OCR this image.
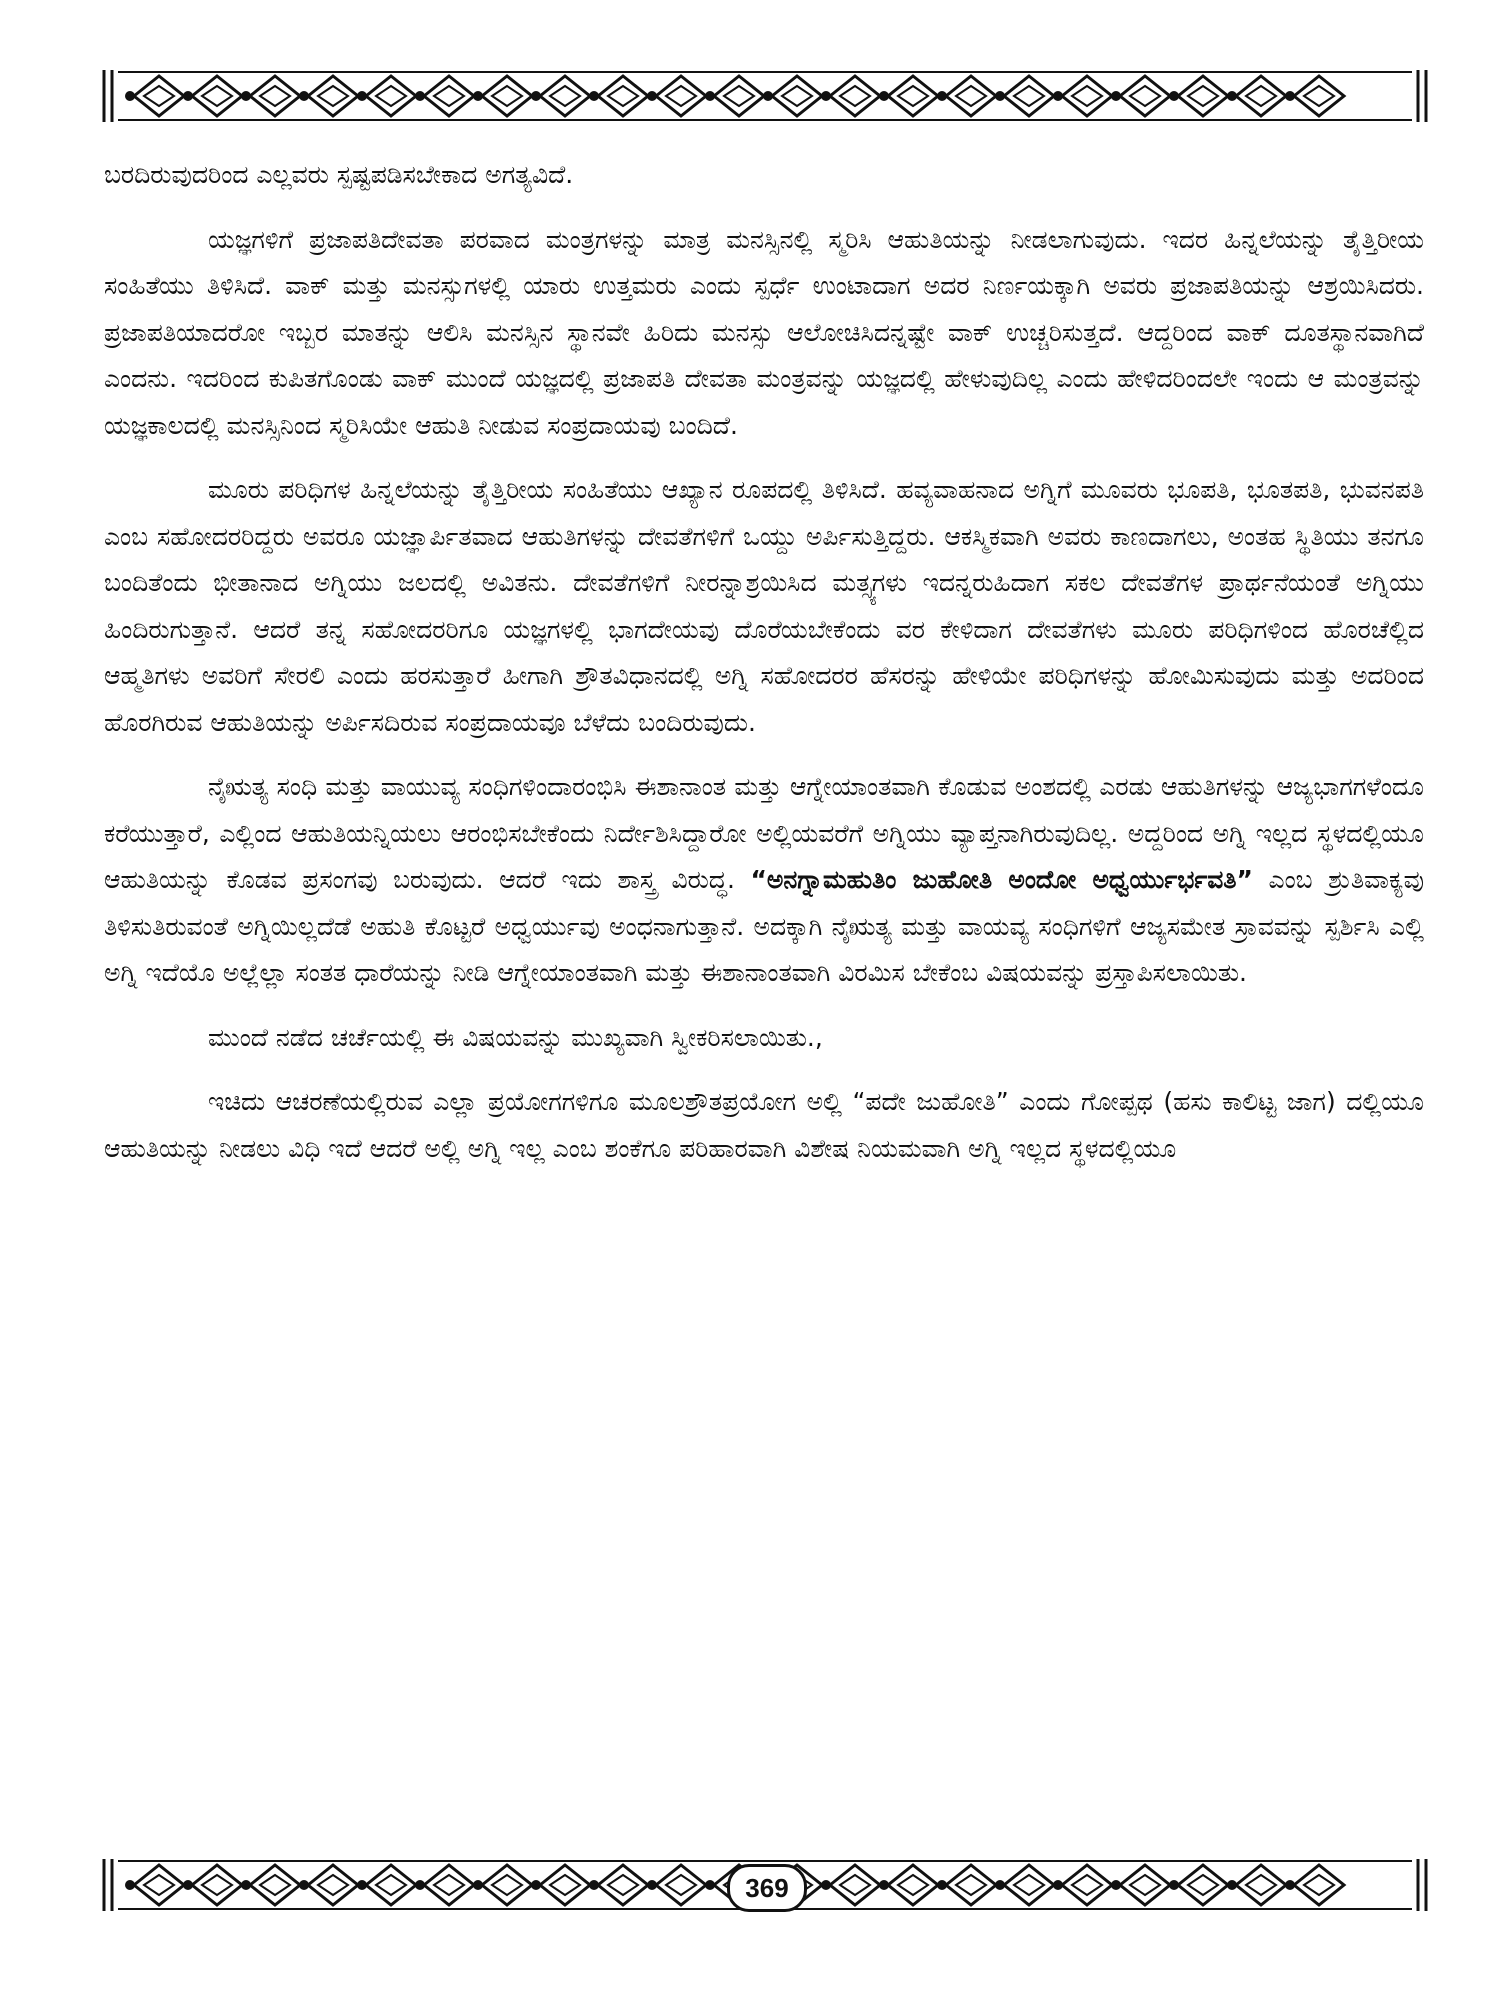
ಬರದಿರುವುದರಿಂದ ಎಲ್ಲವರು ಸ್ಪಷ್ಟಪಡಿಸಬೇಕಾದ ಅಗತ್ಯವಿದೆ.

ಯಜ್ಞಗಳಿಗೆ ಪ್ರಜಾಪತಿದೇವತಾ ಪರವಾದ ಮಂತ್ರಗಳನ್ನು ಮಾತ್ರ ಮನಸ್ಸಿನಲ್ಲಿ ಸ್ಮರಿಸಿ ಆಹುತಿಯನ್ನು ನೀಡಲಾಗುವುದು. ಇದರ ಹಿನ್ನಲೆಯನ್ನು ತೈತ್ತಿರೀಯ ಸಂಹಿತೆಯು ತಿಳಿಸಿದೆ. ವಾಕ್ ಮತ್ತು ಮನಸ್ಸುಗಳಲ್ಲಿ ಯಾರು ಉತ್ತಮರು ಎಂದು ಸ್ಪರ್ಧೆ ಉಂಟಾದಾಗ ಅದರ ನಿರ್ಣಯಕ್ಕಾಗಿ ಅವರು ಪ್ರಜಾಪತಿಯನ್ನು ಆಶ್ರಯಿಸಿದರು. ಪ್ರಜಾಪತಿಯಾದರೋ ಇಬ್ಬರ ಮಾತನ್ನು ಆಲಿಸಿ ಮನಸ್ಸಿನ ಸ್ಥಾನವೇ ಹಿರಿದು ಮನಸ್ಸು ಆಲೋಚಿಸಿದನ್ನಷ್ಟೇ ವಾಕ್ ಉಚ್ಚರಿಸುತ್ತದೆ. ಆದ್ದರಿಂದ ವಾಕ್ ದೂತಸ್ಥಾನವಾಗಿದೆ ಎಂದನು. ಇದರಿಂದ ಕುಪಿತಗೊಂಡು ವಾಕ್ ಮುಂದೆ ಯಜ್ಞದಲ್ಲಿ ಪ್ರಜಾಪತಿ ದೇವತಾ ಮಂತ್ರವನ್ನು ಯಜ್ಞದಲ್ಲಿ ಹೇಳುವುದಿಲ್ಲ ಎಂದು ಹೇಳಿದರಿಂದಲೇ ಇಂದು ಆ ಮಂತ್ರವನ್ನು ಯಜ್ಞಕಾಲದಲ್ಲಿ ಮನಸ್ಸಿನಿಂದ ಸ್ಮರಿಸಿಯೇ ಆಹುತಿ ನೀಡುವ ಸಂಪ್ರದಾಯವು ಬಂದಿದೆ.

ಮೂರು ಪರಿಧಿಗಳ ಹಿನ್ನಲೆಯನ್ನು ತೈತ್ತಿರೀಯ ಸಂಹಿತೆಯು ಆಖ್ಯಾನ ರೂಪದಲ್ಲಿ ತಿಳಿಸಿದೆ. ಹವ್ಯವಾಹನಾದ ಅಗ್ನಿಗೆ ಮೂವರು ಭೂಪತಿ, ಭೂತಪತಿ, ಭುವನಪತಿ ಎಂಬ ಸಹೋದರರಿದ್ದರು ಅವರೂ ಯಜ್ಞಾರ್ಪಿತವಾದ ಆಹುತಿಗಳನ್ನು ದೇವತೆಗಳಿಗೆ ಒಯ್ದು ಅರ್ಪಿಸುತ್ತಿದ್ದರು. ಆಕಸ್ಮಿಕವಾಗಿ ಅವರು ಕಾಣದಾಗಲು, ಅಂತಹ ಸ್ಥಿತಿಯು ತನಗೂ ಬಂದಿತೆಂದು ಭೀತಾನಾದ ಅಗ್ನಿಯು ಜಲದಲ್ಲಿ ಅವಿತನು. ದೇವತೆಗಳಿಗೆ ನೀರನ್ನಾಶ್ರಯಿಸಿದ ಮತ್ಸ್ಯಗಳು ಇದನ್ನರುಹಿದಾಗ ಸಕಲ ದೇವತೆಗಳ ಪ್ರಾರ್ಥನೆಯಂತೆ ಅಗ್ನಿಯು ಹಿಂದಿರುಗುತ್ತಾನೆ. ಆದರೆ ತನ್ನ ಸಹೋದರರಿಗೂ ಯಜ್ಞಗಳಲ್ಲಿ ಭಾಗದೇಯವು ದೊರೆಯಬೇಕೆಂದು ವರ ಕೇಳಿದಾಗ ದೇವತೆಗಳು ಮೂರು ಪರಿಧಿಗಳಿಂದ ಹೊರಚೆಲ್ಲಿದ ಆಹ್ಮತಿಗಳು ಅವರಿಗೆ ಸೇರಲಿ ಎಂದು ಹರಸುತ್ತಾರೆ ಹೀಗಾಗಿ ಶ್ರೌತವಿಧಾನದಲ್ಲಿ ಅಗ್ನಿ ಸಹೋದರರ ಹೆಸರನ್ನು ಹೇಳಿಯೇ ಪರಿಧಿಗಳನ್ನು ಹೋಮಿಸುವುದು ಮತ್ತು ಅದರಿಂದ ಹೊರಗಿರುವ ಆಹುತಿಯನ್ನು ಅರ್ಪಿಸದಿರುವ ಸಂಪ್ರದಾಯವೂ ಬೆಳೆದು ಬಂದಿರುವುದು.

ನೈಋತ್ಯ ಸಂಧಿ ಮತ್ತು ವಾಯುವ್ಯ ಸಂಧಿಗಳಿಂದಾರಂಭಿಸಿ ಈಶಾನಾಂತ ಮತ್ತು ಆಗ್ನೇಯಾಂತವಾಗಿ ಕೊಡುವ ಅಂಶದಲ್ಲಿ ಎರಡು ಆಹುತಿಗಳನ್ನು ಆಜ್ಯಭಾಗಗಳೆಂದೂ ಕರೆಯುತ್ತಾರೆ, ಎಲ್ಲಿಂದ ಆಹುತಿಯನ್ನಿಯಲು ಆರಂಭಿಸಬೇಕೆಂದು ನಿರ್ದೇಶಿಸಿದ್ದಾರೋ ಅಲ್ಲಿಯವರೆಗೆ ಅಗ್ನಿಯು ವ್ಯಾಪ್ತನಾಗಿರುವುದಿಲ್ಲ. ಅದ್ದರಿಂದ ಅಗ್ನಿ ಇಲ್ಲದ ಸ್ಥಳದಲ್ಲಿಯೂ ಆಹುತಿಯನ್ನು ಕೊಡವ ಪ್ರಸಂಗವು ಬರುವುದು. ಆದರೆ ಇದು ಶಾಸ್ತ್ರ ವಿರುದ್ಧ. “ಅನಗ್ನಾಮಹುತಿಂ ಜುಹೋತಿ ಅಂದೋ ಅಧ್ವರ್ಯುರ್ಭವತಿ” ಎಂಬ ಶ್ರುತಿವಾಕ್ಯವು ತಿಳಿಸುತಿರುವಂತೆ ಅಗ್ನಿಯಿಲ್ಲದೆಡೆ ಅಹುತಿ ಕೊಟ್ಟರೆ ಅಧ್ವರ್ಯುವು ಅಂಧನಾಗುತ್ತಾನೆ. ಅದಕ್ಕಾಗಿ ನೈಋತ್ಯ ಮತ್ತು ವಾಯವ್ಯ ಸಂಧಿಗಳಿಗೆ ಆಜ್ಯಸಮೇತ ಸ್ರಾವವನ್ನು ಸ್ಪರ್ಶಿಸಿ ಎಲ್ಲಿ ಅಗ್ನಿ ಇದೆಯೊ ಅಲ್ಲೆಲ್ಲಾ ಸಂತತ ಧಾರೆಯನ್ನು ನೀಡಿ ಆಗ್ನೇಯಾಂತವಾಗಿ ಮತ್ತು ಈಶಾನಾಂತವಾಗಿ ವಿರಮಿಸ ಬೇಕೆಂಬ ವಿಷಯವನ್ನು ಪ್ರಸ್ತಾಪಿಸಲಾಯಿತು.

ಮುಂದೆ ನಡೆದ ಚರ್ಚೆಯಲ್ಲಿ ಈ ವಿಷಯವನ್ನು ಮುಖ್ಯವಾಗಿ ಸ್ವೀಕರಿಸಲಾಯಿತು.,

ಇಚಿದು ಆಚರಣೆಯಲ್ಲಿರುವ ಎಲ್ಲಾ ಪ್ರಯೋಗಗಳಿಗೂ ಮೂಲಶ್ರೌತಪ್ರಯೋಗ ಅಲ್ಲಿ “ಪದೇ ಜುಹೋತಿ” ಎಂದು ಗೋಪ್ಪಥ (ಹಸು ಕಾಲಿಟ್ಟ ಜಾಗ) ದಲ್ಲಿಯೂ ಆಹುತಿಯನ್ನು ನೀಡಲು ವಿಧಿ ಇದೆ ಆದರೆ ಅಲ್ಲಿ ಅಗ್ನಿ ಇಲ್ಲ ಎಂಬ ಶಂಕೆಗೂ ಪರಿಹಾರವಾಗಿ ವಿಶೇಷ ನಿಯಮವಾಗಿ ಅಗ್ನಿ ಇಲ್ಲದ ಸ್ಥಳದಲ್ಲಿಯೂ

369
